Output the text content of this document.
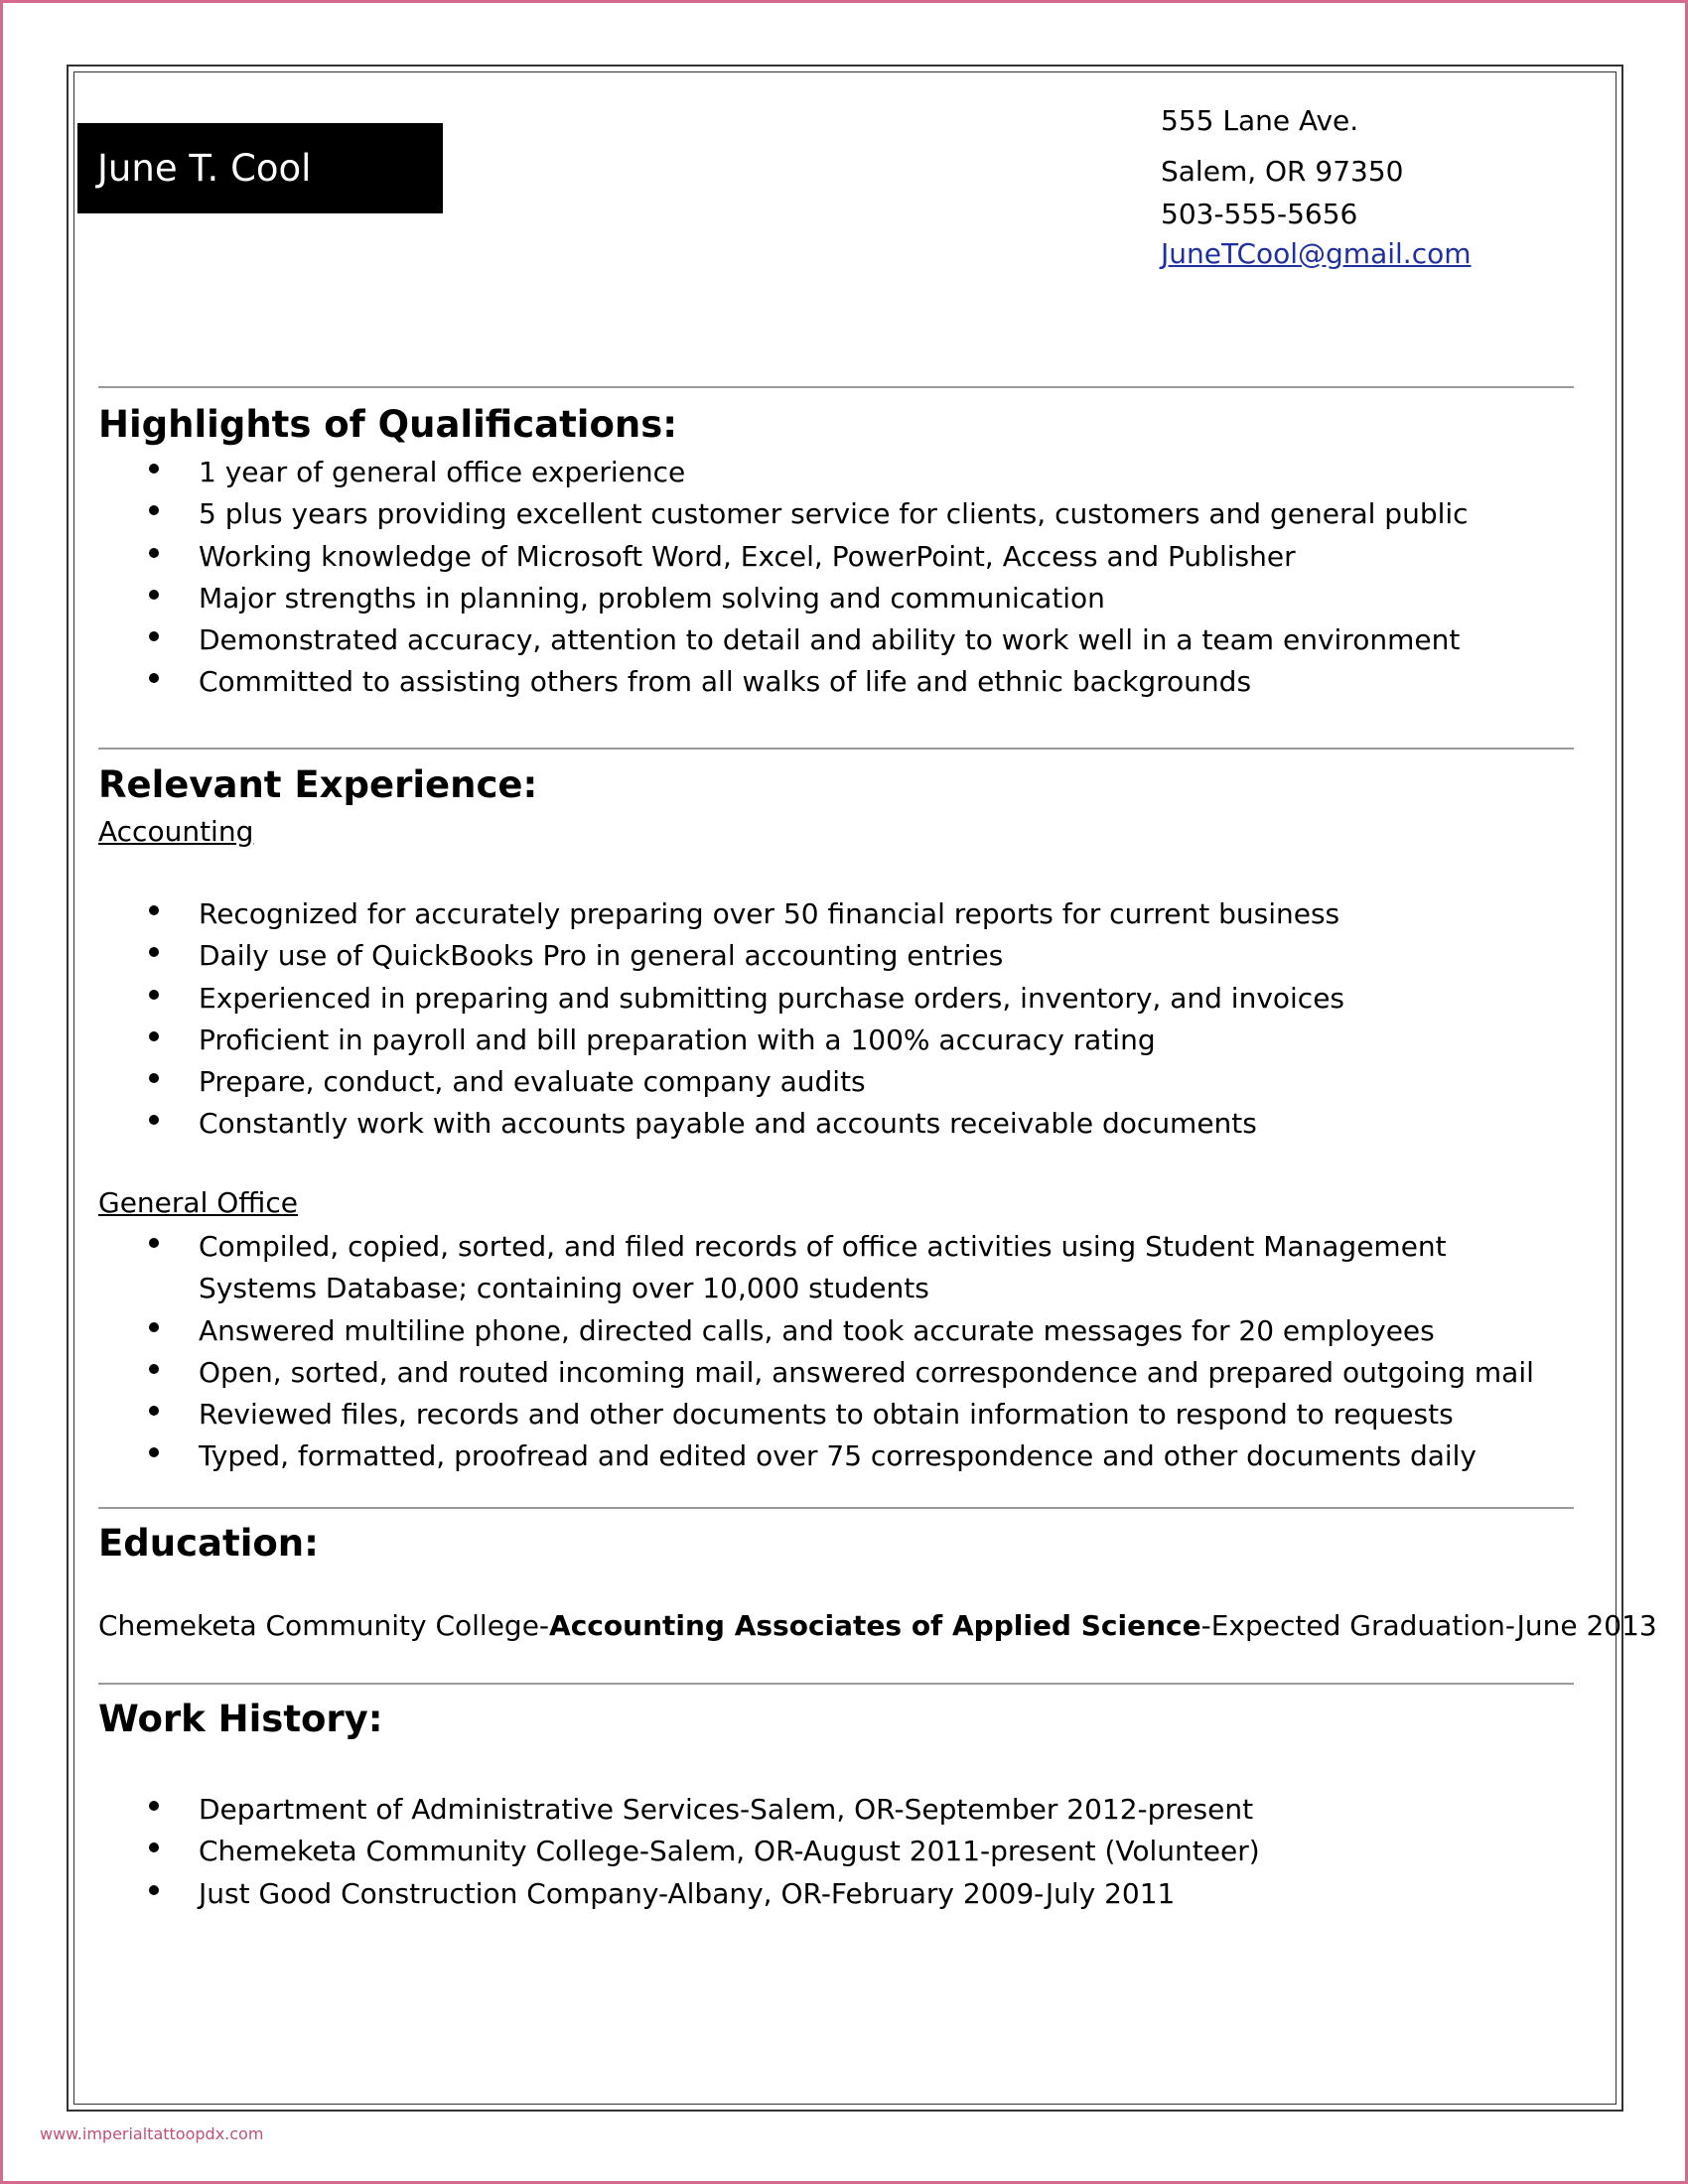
June T. Cool
555 Lane Ave.
Salem, OR 97350
503-555-5656
JuneTCool@gmail.com
Highlights of Qualifications:
1 year of general office experience
5 plus years providing excellent customer service for clients, customers and general public
Working knowledge of Microsoft Word, Excel, PowerPoint, Access and Publisher
Major strengths in planning, problem solving and communication
Demonstrated accuracy, attention to detail and ability to work well in a team environment
Committed to assisting others from all walks of life and ethnic backgrounds
Relevant Experience:
Accounting
Recognized for accurately preparing over 50 financial reports for current business
Daily use of QuickBooks Pro in general accounting entries
Experienced in preparing and submitting purchase orders, inventory, and invoices
Proficient in payroll and bill preparation with a 100% accuracy rating
Prepare, conduct, and evaluate company audits
Constantly work with accounts payable and accounts receivable documents
General Office
Compiled, copied, sorted, and filed records of office activities using Student Management Systems Database; containing over 10,000 students
Answered multiline phone, directed calls, and took accurate messages for 20 employees
Open, sorted, and routed incoming mail, answered correspondence and prepared outgoing mail
Reviewed files, records and other documents to obtain information to respond to requests
Typed, formatted, proofread and edited over 75 correspondence and other documents daily
Education:
Chemeketa Community College-Accounting Associates of Applied Science-Expected Graduation-June 2013
Work History:
Department of Administrative Services-Salem, OR-September 2012-present
Chemeketa Community College-Salem, OR-August 2011-present (Volunteer)
Just Good Construction Company-Albany, OR-February 2009-July 2011
www.imperialtattoopdx.com
